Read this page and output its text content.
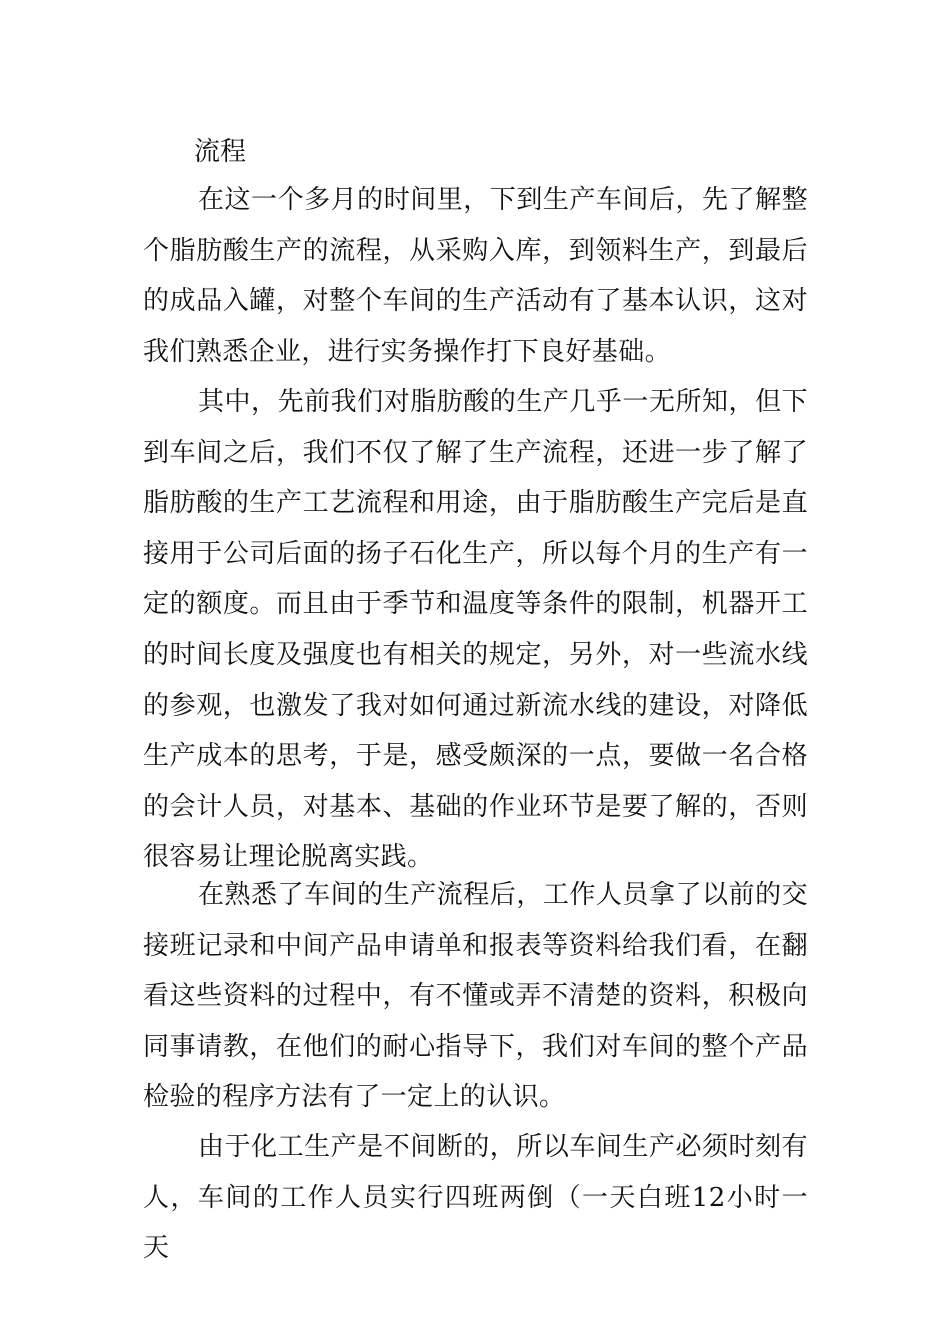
流程

在这一个多月的时间里，下到生产车间后，先了解整个脂肪酸生产的流程，从采购入库，到领料生产，到最后的成品入罐，对整个车间的生产活动有了基本认识，这对我们熟悉企业，进行实务操作打下良好基础。

其中，先前我们对脂肪酸的生产几乎一无所知，但下到车间之后，我们不仅了解了生产流程，还进一步了解了脂肪酸的生产工艺流程和用途，由于脂肪酸生产完后是直接用于公司后面的扬子石化生产，所以每个月的生产有一定的额度。而且由于季节和温度等条件的限制，机器开工的时间长度及强度也有相关的规定，另外，对一些流水线的参观，也激发了我对如何通过新流水线的建设，对降低生产成本的思考，于是，感受颇深的一点，要做一名合格的会计人员，对基本、基础的作业环节是要了解的，否则很容易让理论脱离实践。

在熟悉了车间的生产流程后，工作人员拿了以前的交接班记录和中间产品申请单和报表等资料给我们看，在翻看这些资料的过程中，有不懂或弄不清楚的资料，积极向同事请教，在他们的耐心指导下，我们对车间的整个产品检验的程序方法有了一定上的认识。

由于化工生产是不间断的，所以车间生产必须时刻有人，车间的工作人员实行四班两倒（一天白班12小时一天
